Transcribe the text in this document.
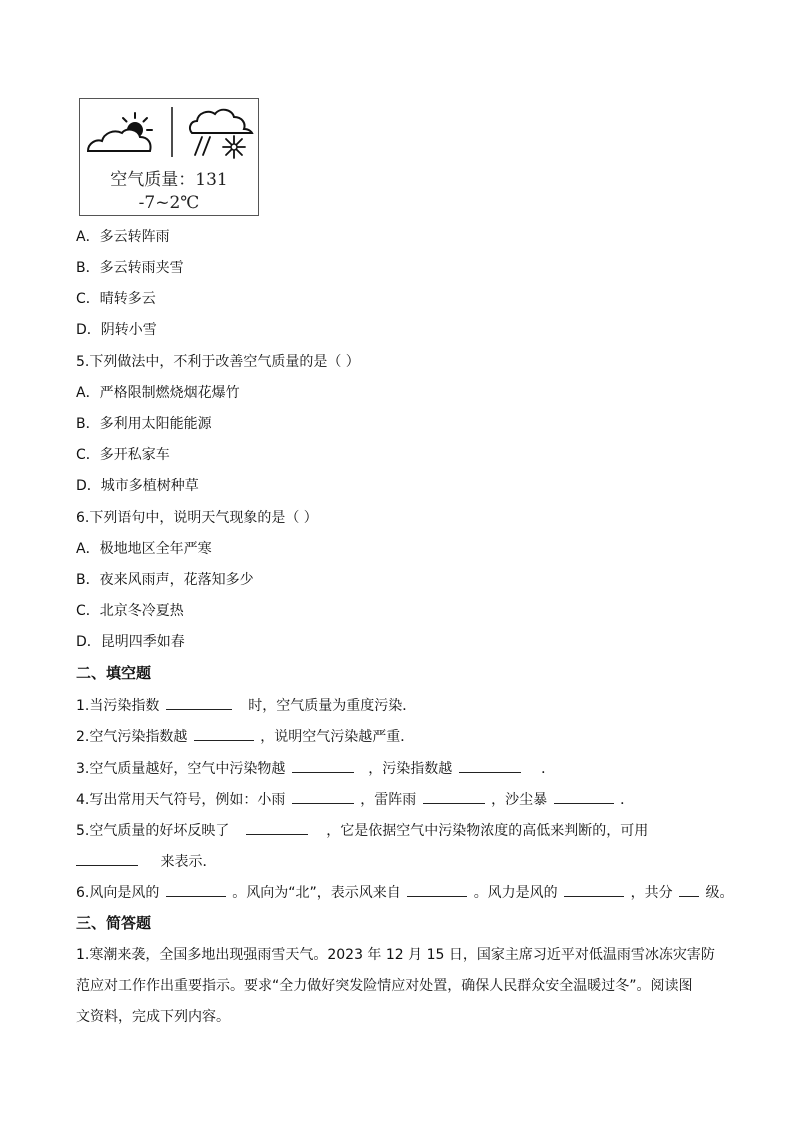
空气质量：131
-7~2℃
A．多云转阵雨
B．多云转雨夹雪
C．晴转多云
D．阴转小雪
5.下列做法中，不利于改善空气质量的是（ ）
A．严格限制燃烧烟花爆竹
B．多利用太阳能能源
C．多开私家车
D．城市多植树种草
6.下列语句中，说明天气现象的是（ ）
A．极地地区全年严寒
B．夜来风雨声，花落知多少
C．北京冬冷夏热
D．昆明四季如春
二、填空题
1.当污染指数	时，空气质量为重度污染．
2.空气污染指数越	，说明空气污染越严重．
3.空气质量越好，空气中污染物越	，污染指数越	．
4.写出常用天气符号，例如：小雨	，雷阵雨	，沙尘暴	．
5.空气质量的好坏反映了	，它是依据空气中污染物浓度的高低来判断的，可用
来表示．
6.风向是风的	。风向为“北”，表示风来自	。风力是风的	，共分 级。
三、简答题
1.寒潮来袭，全国多地出现强雨雪天气。2023 年 12 月 15 日，国家主席习近平对低温雨雪冰冻灾害防
范应对工作作出重要指示。要求“全力做好突发险情应对处置，确保人民群众安全温暖过冬”。阅读图
文资料，完成下列内容。
